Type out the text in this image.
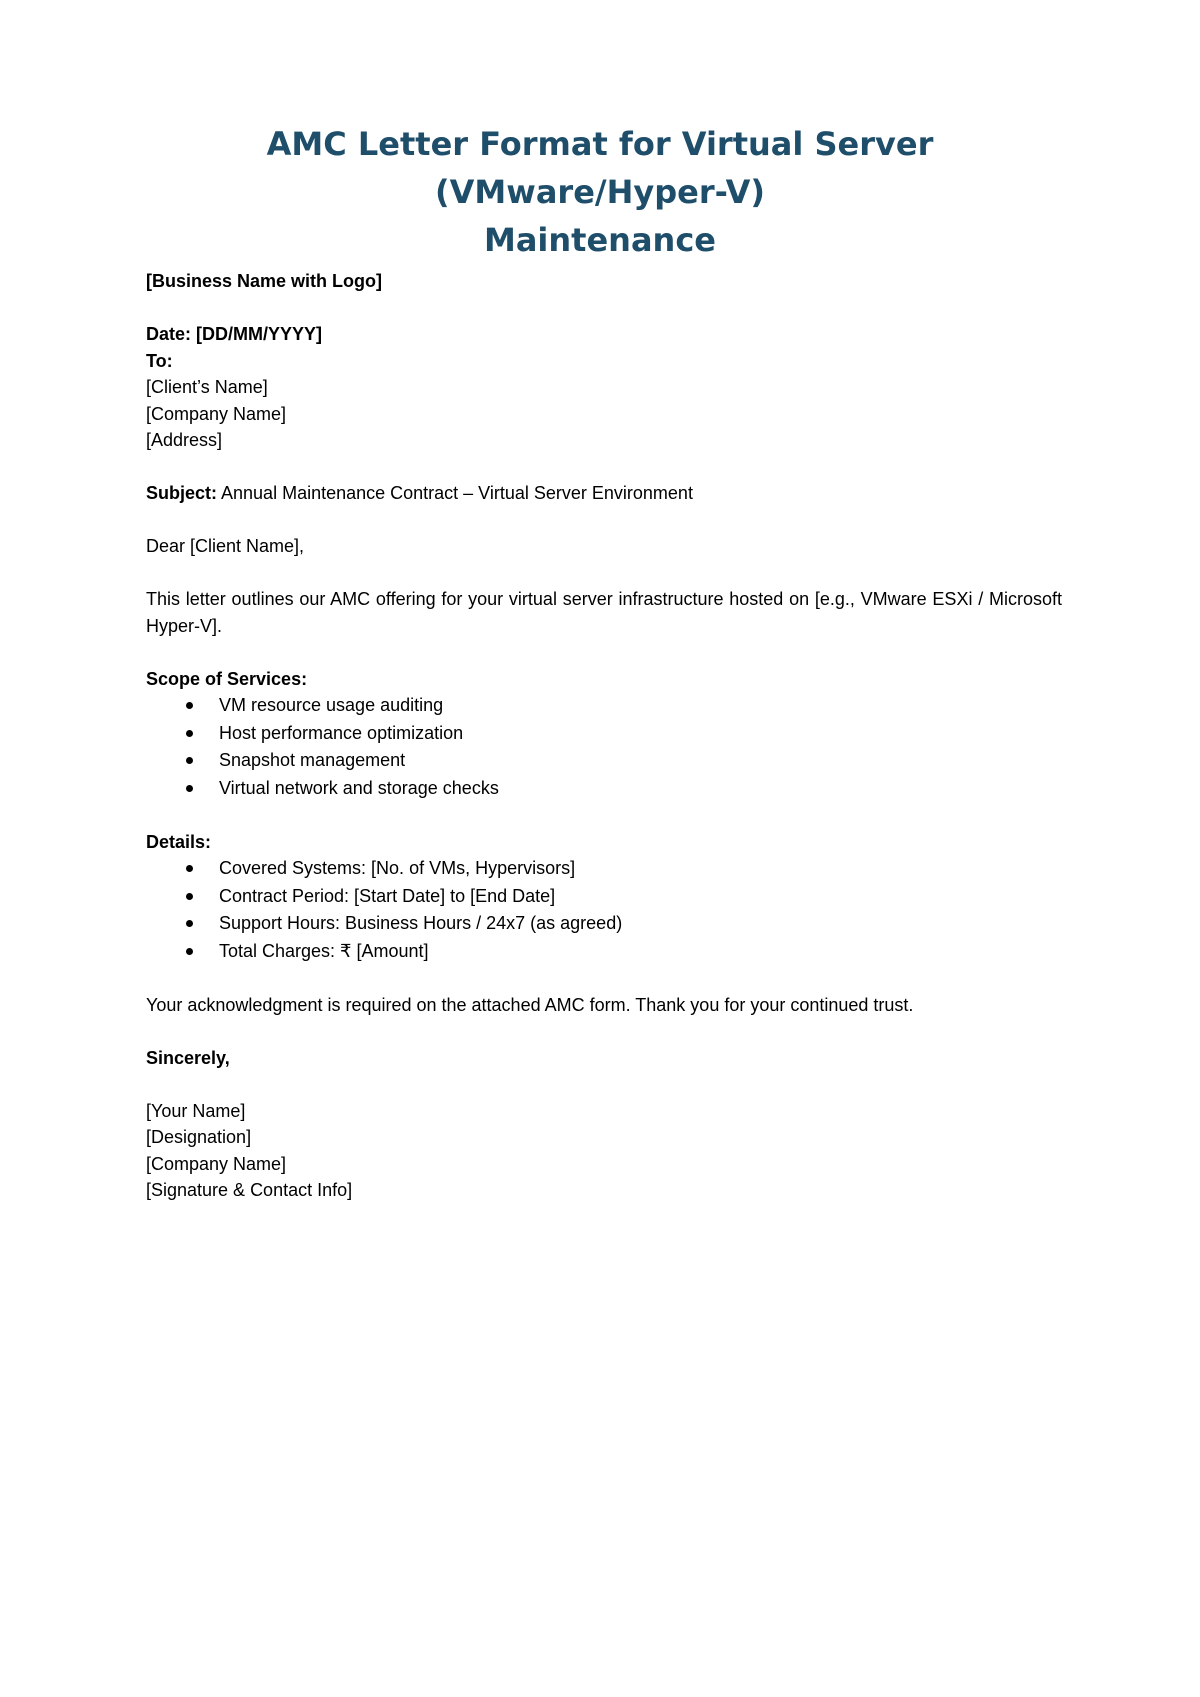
AMC Letter Format for Virtual Server (VMware/Hyper-V)
Maintenance
[Business Name with Logo]
Date: [DD/MM/YYYY]
To:
[Client’s Name]
[Company Name]
[Address]

Subject: Annual Maintenance Contract – Virtual Server Environment

Dear [Client Name],

This letter outlines our AMC offering for your virtual server infrastructure hosted on [e.g., VMware ESXi / Microsoft Hyper-V].

Scope of Services:
VM resource usage auditing
Host performance optimization
Snapshot management
Virtual network and storage checks
Details:
Covered Systems: [No. of VMs, Hypervisors]
Contract Period: [Start Date] to [End Date]
Support Hours: Business Hours / 24x7 (as agreed)
Total Charges: ₹ [Amount]
Your acknowledgment is required on the attached AMC form. Thank you for your continued trust.
Sincerely,
[Your Name]
[Designation]
[Company Name]
[Signature & Contact Info]
